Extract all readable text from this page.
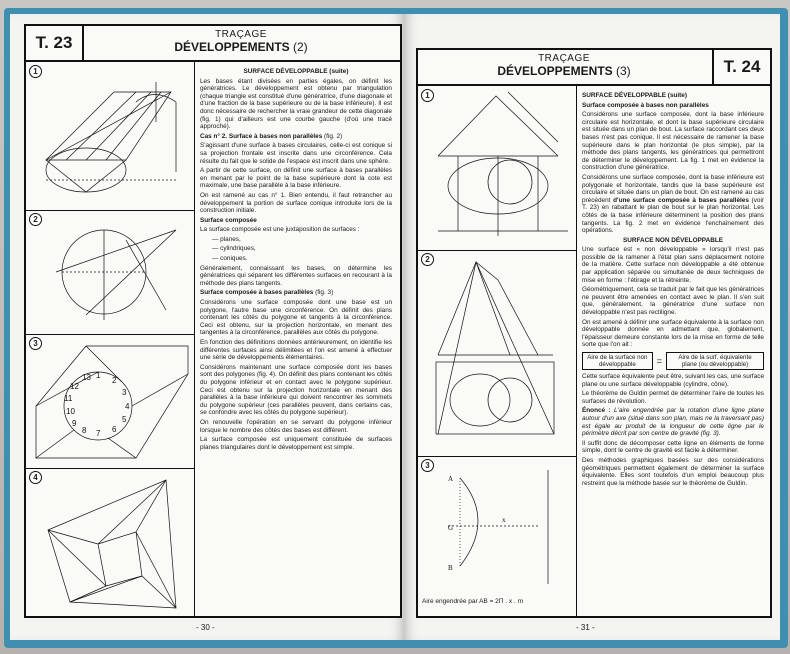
T. 23	TRAÇAGE
DÉVELOPPEMENTS (2)
1
2
3
1
2
3
4
5
6
7
8
9
10
11
12
13
4

SURFACE DÉVELOPPABLE (suite)

Les bases étant divisées en parties égales, on définit les génératrices. Le développement est obtenu par triangulation (chaque triangle est constitué d'une génératrice, d'une diagonale et d'une fraction de la base supérieure ou de la base inférieure). Il est donc nécessaire de rechercher la vraie grandeur de cette diagonale (fig. 1) qui d'ailleurs est une courbe gauche (d'où une tracé approché).

Cas n° 2. Surface à bases non parallèles (fig. 2)

S'agissant d'une surface à bases circulaires, celle-ci est conique si sa projection frontale est inscrite dans une circonférence. Cela résulte du fait que le solide de l'espace est inscrit dans une sphère.

A partir de cette surface, on définit une surface à bases parallèles en menant par le point de la base supérieure dont la cote est maximale, une base parallèle à la base inférieure.

On est ramené au cas n° 1. Bien entendu, il faut retrancher au développement la portion de surface conique introduite lors de la construction initiale.

Surface composée

La surface composée est une juxtaposition de surfaces :

— planes,

— cylindriques,

— coniques.

Généralement, connaissant les bases, on détermine les génératrices qui séparent les différentes surfaces en recourant à la méthode des plans tangents.

Surface composée à bases parallèles (fig. 3)

Considérons une surface composée dont une base est un polygone, l'autre base une circonférence. On définit des plans contenant les côtés du polygone et tangents à la circonférence. Ceci est obtenu, sur la projection horizontale, en menant des tangentes à la circonférence, parallèles aux côtés du polygone.

En fonction des définitions données antérieurement, on identifie les différentes surfaces ainsi délimitées et l'on est amené à effectuer une série de développements élémentaires.

Considérons maintenant une surface composée dont les bases sont des polygones (fig. 4). On définit des plans contenant les côtés du polygone inférieur et en contact avec le polygone supérieur. Ceci est obtenu sur la projection horizontale en menant des parallèles à la base inférieure qui doivent rencontrer les sommets du polygone supérieur (ces parallèles peuvent, dans certains cas, se confondre avec les côtés du polygone supérieur).

On renouvelle l'opération en se servant du polygone inférieur lorsque le nombre des côtés des bases est différent.

La surface composée est uniquement constituée de surfaces planes triangulaires dont le développement est simple.

- 30 -
TRAÇAGE
DÉVELOPPEMENTS (3)	T. 24
1
2
3
A
G
B
x
Aire engendrée par AB = 2Π . x . m

SURFACE DÉVELOPPABLE (suite)

Surface composée à bases non parallèles

Considérons une surface composée, dont la base inférieure circulaire est horizontale, et dont la base supérieure circulaire est située dans un plan de bout. La surface raccordant ces deux bases n'est pas conique. Il est nécessaire de ramener la base supérieure dans le plan horizontal (le plus simple), par la méthode des plans tangents, les génératrices qui permettront de déterminer le développement. La fig. 1 met en évidence la construction d'une génératrice.

Considérons une surface composée, dont la base inférieure est polygonale et horizontale, tandis que la base supérieure est circulaire et située dans un plan de bout. On est ramené au cas précédent d'une surface composée à bases parallèles (voir T. 23) en rabattant le plan de bout sur le plan horizontal. Les côtés de la base inférieure déterminent la position des plans tangents. La fig. 2 met en évidence l'enchaînement des opérations.

SURFACE NON DÉVELOPPABLE

Une surface est « non développable » lorsqu'il n'est pas possible de la ramener à l'état plan sans déplacement notoire de la matière. Cette surface non développable a été obtenue par application séparée ou simultanée de deux techniques de mise en forme : l'étirage et la rétreinte.

Géométriquement, cela se traduit par le fait que les génératrices ne peuvent être amenées en contact avec le plan. Il s'en suit que, généralement, la génératrice d'une surface non développable n'est pas rectiligne.

On est amené à définir une surface équivalente à la surface non développable donnée en admettant que, globalement, l'épaisseur demeure constante lors de la mise en forme de telle sorte que l'on ait :

Aire de la surface non développable	=	Aire de la surf. équivalente plane (ou développable)

Cette surface équivalente peut être, suivant les cas, une surface plane ou une surface développable (cylindre, cône).

Le théorème de Guldin permet de déterminer l'aire de toutes les surfaces de révolution.

Énoncé : L'aire engendrée par la rotation d'une ligne plane autour d'un axe (situé dans son plan, mais ne la traversant pas) est égale au produit de la longueur de cette ligne par le périmètre décrit par son centre de gravité (fig. 3).

Il suffit donc de décomposer cette ligne en éléments de forme simple, dont le centre de gravité est facile à déterminer.

Des méthodes graphiques basées sur des considérations géométriques permettent également de déterminer la surface équivalente. Elles sont toutefois d'un emploi beaucoup plus restreint que la méthode basée sur le théorème de Guldin.

- 31 -
